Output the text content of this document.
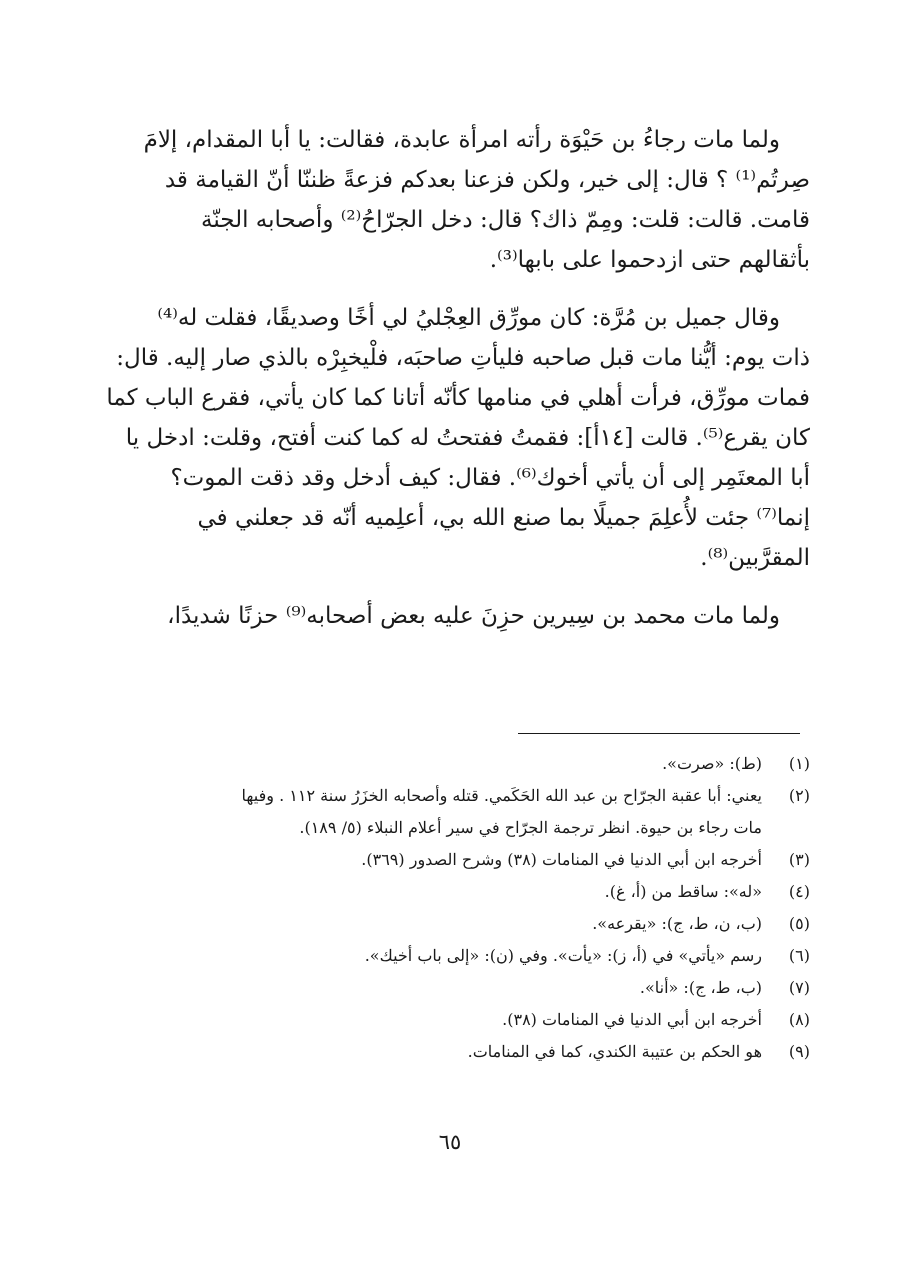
ولما مات رجاءُ بن حَيْوَة رأته امرأة عابدة، فقالت: يا أبا المقدام، إلامَ
صِرتُم⁽¹⁾ ؟ قال: إلى خير، ولكن فزعنا بعدكم فزعةً ظننّا أنّ القيامة قد
قامت. قالت: قلت: ومِمّ ذاك؟ قال: دخل الجرّاحُ⁽²⁾ وأصحابه الجنّة
بأثقالهم حتى ازدحموا على بابها⁽³⁾.

وقال جميل بن مُرَّة: كان مورِّق العِجْليُ لي أخًا وصديقًا، فقلت له⁽⁴⁾
ذات يوم: أيُّنا مات قبل صاحبه فليأتِ صاحبَه، فلْيخبِرْه بالذي صار إليه. قال:
فمات مورِّق، فرأت أهلي في منامها كأنّه أتانا كما كان يأتي، فقرع الباب كما
كان يقرع⁽⁵⁾. قالت [١٤أ]: فقمتُ ففتحتُ له كما كنت أفتح، وقلت: ادخل يا
أبا المعتَمِر إلى أن يأتي أخوك⁽⁶⁾. فقال: كيف أدخل وقد ذقت الموت؟
إنما⁽⁷⁾ جئت لأُعلِمَ جميلًا بما صنع الله بي، أعلِميه أنّه قد جعلني في
المقرَّبين⁽⁸⁾.

ولما مات محمد بن سِيرين حزِنَ عليه بعض أصحابه⁽⁹⁾ حزنًا شديدًا،

(١)
(ط): «صرت».
(٢)
يعني: أبا عقبة الجرّاح بن عبد الله الحَكَمي. قتله وأصحابه الخزَرُ سنة ١١٢ . وفيها
مات رجاء بن حيوة. انظر ترجمة الجرّاح في سير أعلام النبلاء (٥/ ١٨٩).
(٣)
أخرجه ابن أبي الدنيا في المنامات (٣٨) وشرح الصدور (٣٦٩).
(٤)
«له»: ساقط من (أ، غ).
(٥)
(ب، ن، ط، ج): «يقرعه».
(٦)
رسم «يأتي» في (أ، ز): «يأت». وفي (ن): «إلى باب أخيك».
(٧)
(ب، ط، ج): «أنا».
(٨)
أخرجه ابن أبي الدنيا في المنامات (٣٨).
(٩)
هو الحكم بن عتيبة الكندي، كما في المنامات.
٦٥
